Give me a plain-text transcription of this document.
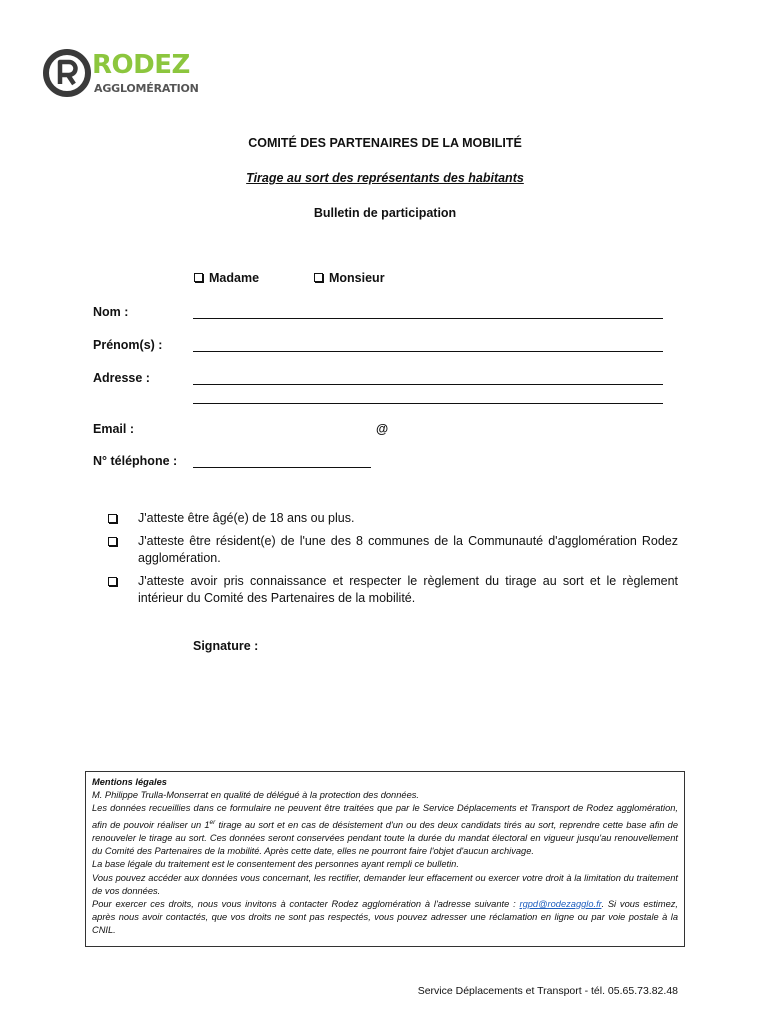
RODEZ
AGGLOMÉRATION
COMITÉ DES PARTENAIRES DE LA MOBILITÉ
Tirage au sort des représentants des habitants
Bulletin de participation
Madame	Monsieur
Nom :
Prénom(s) :
Adresse :
Email :	@
N° téléphone :
J'atteste être âgé(e) de 18 ans ou plus.
J'atteste être résident(e) de l'une des 8 communes de la Communauté d'agglomération Rodez agglomération.
J'atteste avoir pris connaissance et respecter le règlement du tirage au sort et le règlement intérieur du Comité des Partenaires de la mobilité.
Signature :

Mentions légales

M. Philippe Trulla-Monserrat en qualité de délégué à la protection des données.

Les données recueillies dans ce formulaire ne peuvent être traitées que par le Service Déplacements et Transport de Rodez agglomération, afin de pouvoir réaliser un 1er tirage au sort et en cas de désistement d'un ou des deux candidats tirés au sort, reprendre cette base afin de renouveler le tirage au sort. Ces données seront conservées pendant toute la durée du mandat électoral en vigueur jusqu'au renouvellement du Comité des Partenaires de la mobilité. Après cette date, elles ne pourront faire l'objet d'aucun archivage.

La base légale du traitement est le consentement des personnes ayant rempli ce bulletin.

Vous pouvez accéder aux données vous concernant, les rectifier, demander leur effacement ou exercer votre droit à la limitation du traitement de vos données.

Pour exercer ces droits, nous vous invitons à contacter Rodez agglomération à l'adresse suivante : rgpd@rodezagglo.fr. Si vous estimez, après nous avoir contactés, que vos droits ne sont pas respectés, vous pouvez adresser une réclamation en ligne ou par voie postale à la CNIL.

Service Déplacements et Transport - tél. 05.65.73.82.48
